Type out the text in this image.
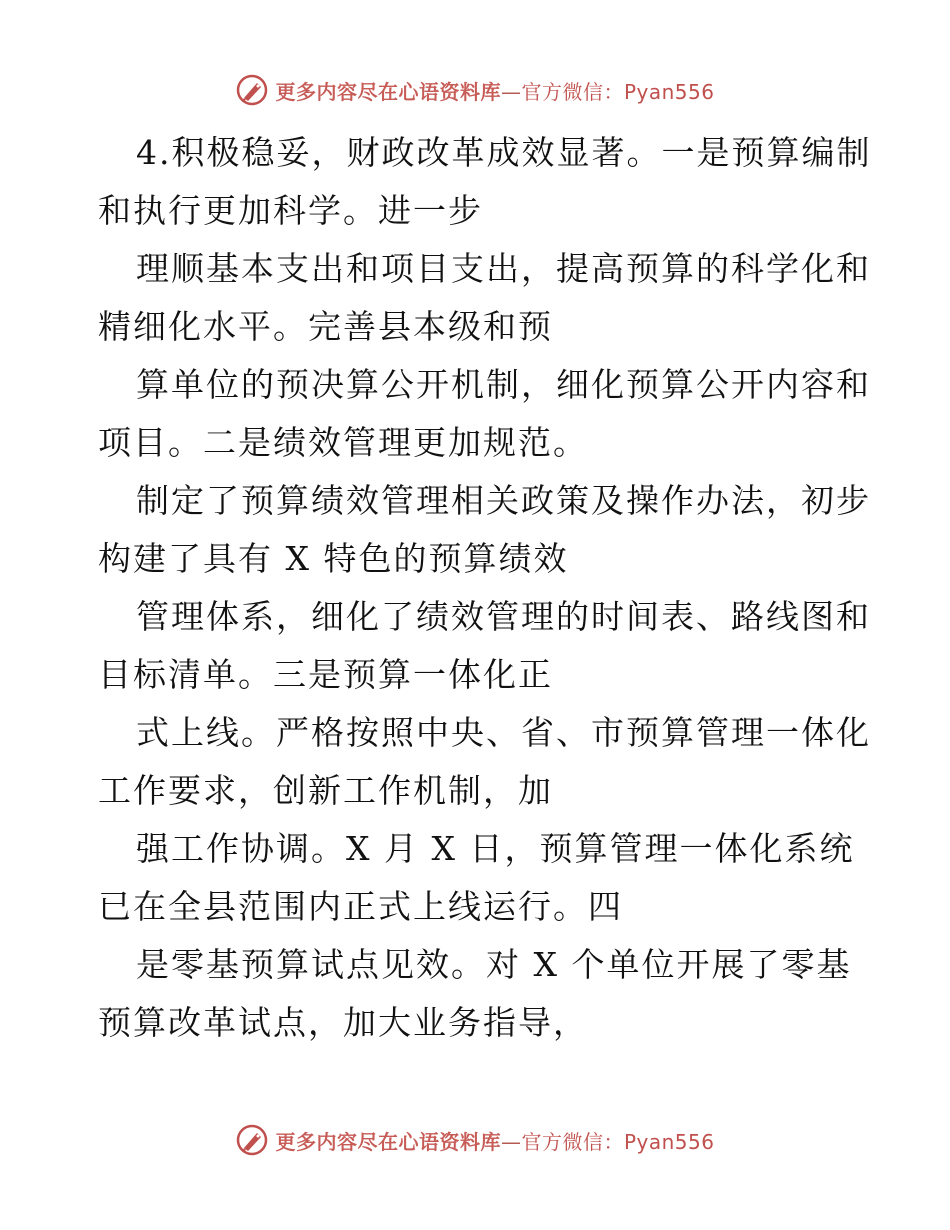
更多内容尽在心语资料库—官方微信：Pyan556
4.积极稳妥，财政改革成效显著。一是预算编制
和执行更加科学。进一步
理顺基本支出和项目支出，提高预算的科学化和
精细化水平。完善县本级和预
算单位的预决算公开机制，细化预算公开内容和
项目。二是绩效管理更加规范。
制定了预算绩效管理相关政策及操作办法，初步
构建了具有 X 特色的预算绩效
管理体系，细化了绩效管理的时间表、路线图和
目标清单。三是预算一体化正
式上线。严格按照中央、省、市预算管理一体化
工作要求，创新工作机制，加
强工作协调。X 月 X 日，预算管理一体化系统
已在全县范围内正式上线运行。四
是零基预算试点见效。对 X 个单位开展了零基
预算改革试点，加大业务指导，
更多内容尽在心语资料库—官方微信：Pyan556
